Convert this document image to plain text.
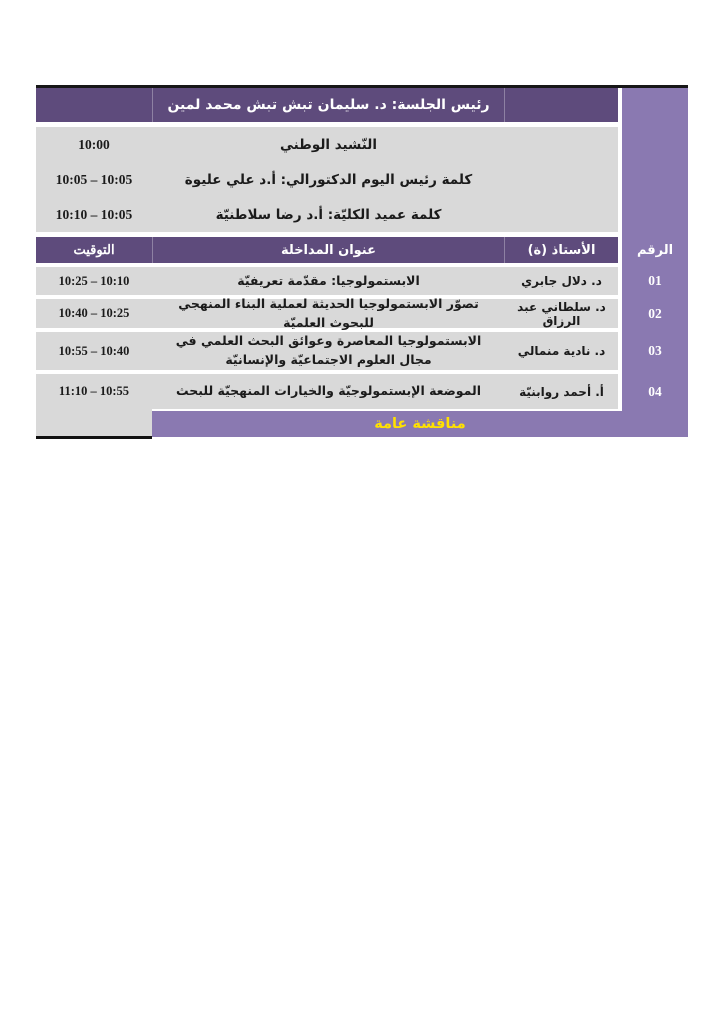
رئيس الجلسة: د. سليمان تبش تبش محمد لمين
النّشيد الوطني
10:00
كلمة رئيس اليوم الدكتورالي: أ.د علي عليوة
10:05 – 10:05
كلمة عميد الكليّة: أ.د رضا سلاطنيّة
10:10 – 10:05
الأستاذ (ة)
عنوان المداخلة
التوقيت
د. دلال جابري
الابستمولوجيا: مقدّمة تعريفيّة
10:25 – 10:10
د. سلطاني عبد الرزاق
تصوّر الابستمولوجيا الحديثة لعملية البناء المنهجي للبحوث العلميّة
10:40 – 10:25
د. نادية منمالي
الابستمولوجيا المعاصرة وعوائق البحث العلمي في مجال العلوم الاجتماعيّة والإنسانيّة
10:55 – 10:40
أ. أحمد روابنيّة
الموضعة الإبستمولوجيّة والخيارات المنهجيّة للبحث
11:10 – 10:55
مناقشة عامة
الرقم
01
02
03
04
